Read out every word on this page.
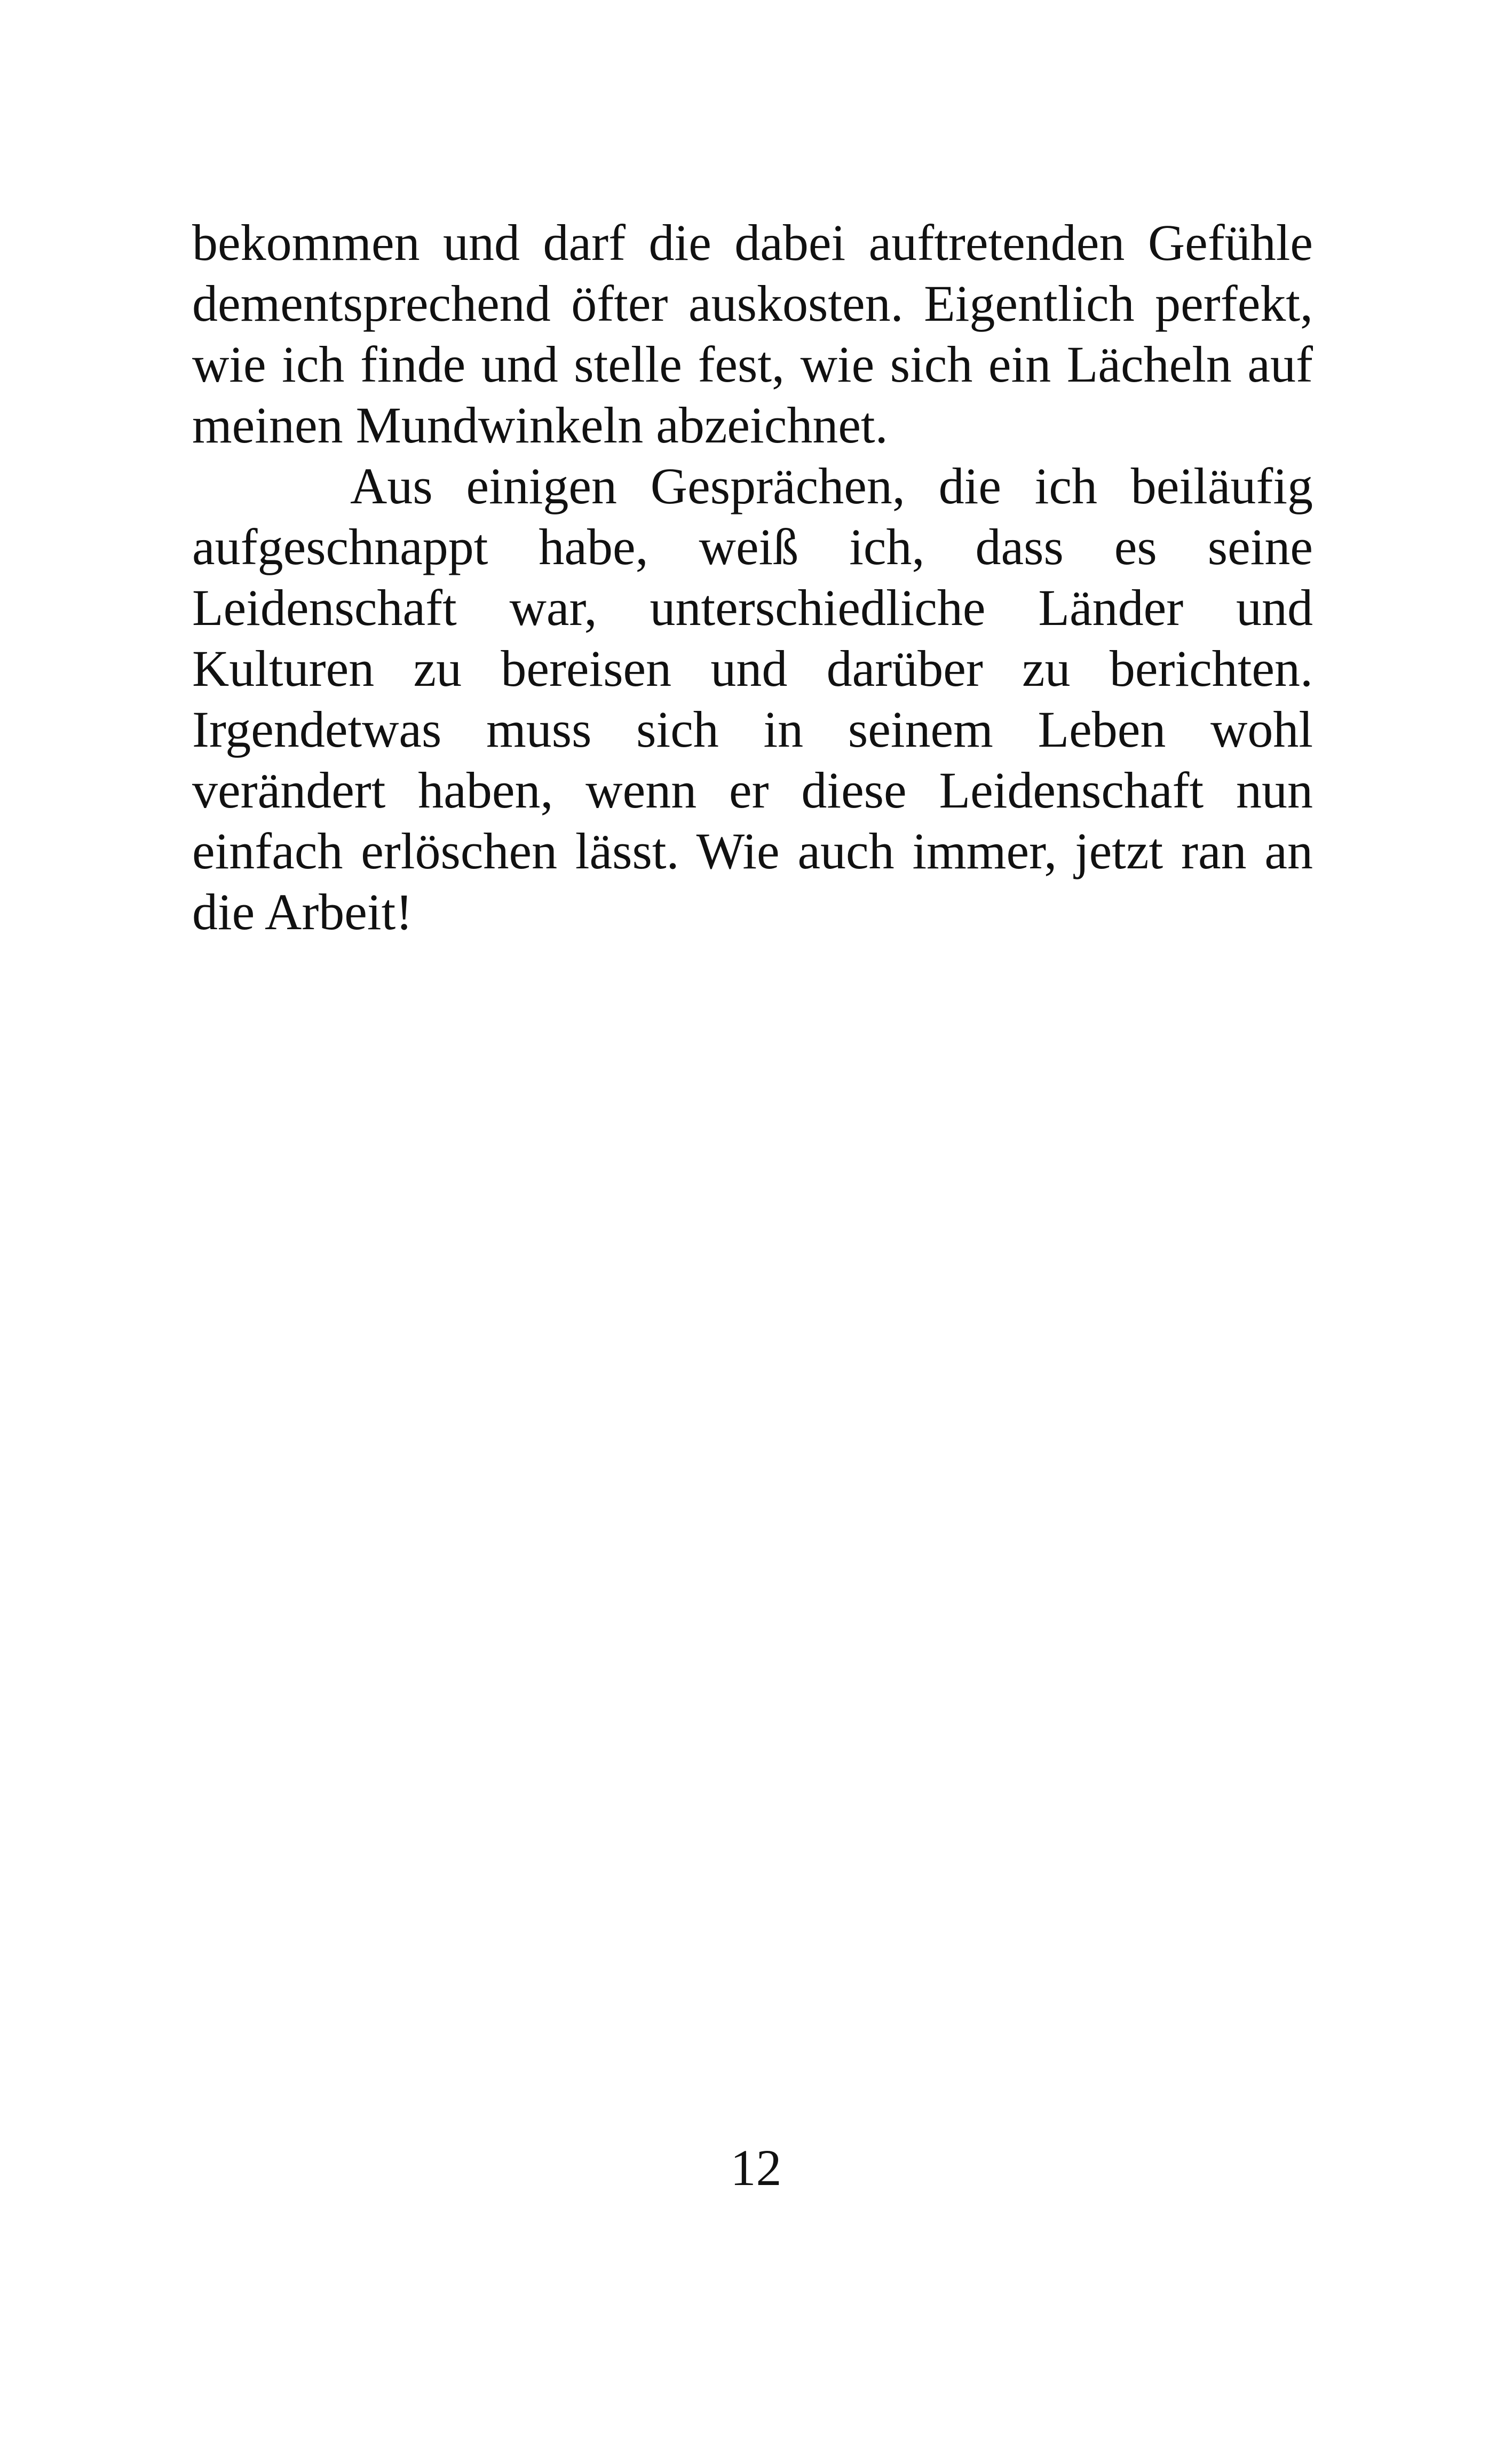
bekommen und darf die dabei auftretenden Gefühle
dementsprechend öfter auskosten. Eigentlich perfekt,
wie ich finde und stelle fest, wie sich ein Lächeln auf
meinen Mundwinkeln abzeichnet.
Aus einigen Gesprächen, die ich beiläufig
aufgeschnappt habe, weiß ich, dass es seine
Leidenschaft war, unterschiedliche Länder und
Kulturen zu bereisen und darüber zu berichten.
Irgendetwas muss sich in seinem Leben wohl
verändert haben, wenn er diese Leidenschaft nun
einfach erlöschen lässt. Wie auch immer, jetzt ran an
die Arbeit!
12
